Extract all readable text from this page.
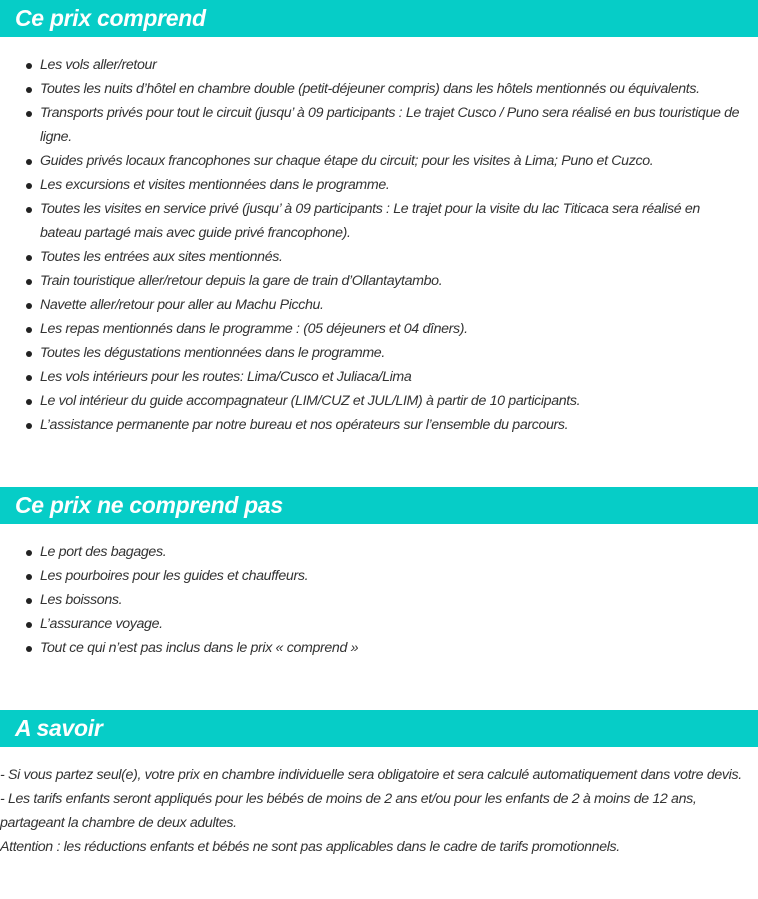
Ce prix comprend
Les vols aller/retour
Toutes les nuits d’hôtel en chambre double (petit-déjeuner compris) dans les hôtels mentionnés ou équivalents.
Transports privés pour tout le circuit (jusqu’ à 09 participants : Le trajet Cusco / Puno sera réalisé en bus touristique de ligne.
Guides privés locaux francophones sur chaque étape du circuit; pour les visites à Lima; Puno et Cuzco.
Les excursions et visites mentionnées dans le programme.
Toutes les visites en service privé (jusqu’ à 09 participants : Le trajet pour la visite du lac Titicaca sera réalisé en bateau partagé mais avec guide privé francophone).
Toutes les entrées aux sites mentionnés.
Train touristique aller/retour depuis la gare de train d’Ollantaytambo.
Navette aller/retour pour aller au Machu Picchu.
Les repas mentionnés dans le programme : (05 déjeuners et 04 dîners).
Toutes les dégustations mentionnées dans le programme.
Les vols intérieurs pour les routes: Lima/Cusco et Juliaca/Lima
Le vol intérieur du guide accompagnateur (LIM/CUZ et JUL/LIM) à partir de 10 participants.
L’assistance permanente par notre bureau et nos opérateurs sur l’ensemble du parcours.
Ce prix ne comprend pas
Le port des bagages.
Les pourboires pour les guides et chauffeurs.
Les boissons.
L’assurance voyage.
Tout ce qui n’est pas inclus dans le prix « comprend »
A savoir

- Si vous partez seul(e), votre prix en chambre individuelle sera obligatoire et sera calculé automatiquement dans votre devis.

- Les tarifs enfants seront appliqués pour les bébés de moins de 2 ans et/ou pour les enfants de 2 à moins de 12 ans, partageant la chambre de deux adultes.

Attention : les réductions enfants et bébés ne sont pas applicables dans le cadre de tarifs promotionnels.
